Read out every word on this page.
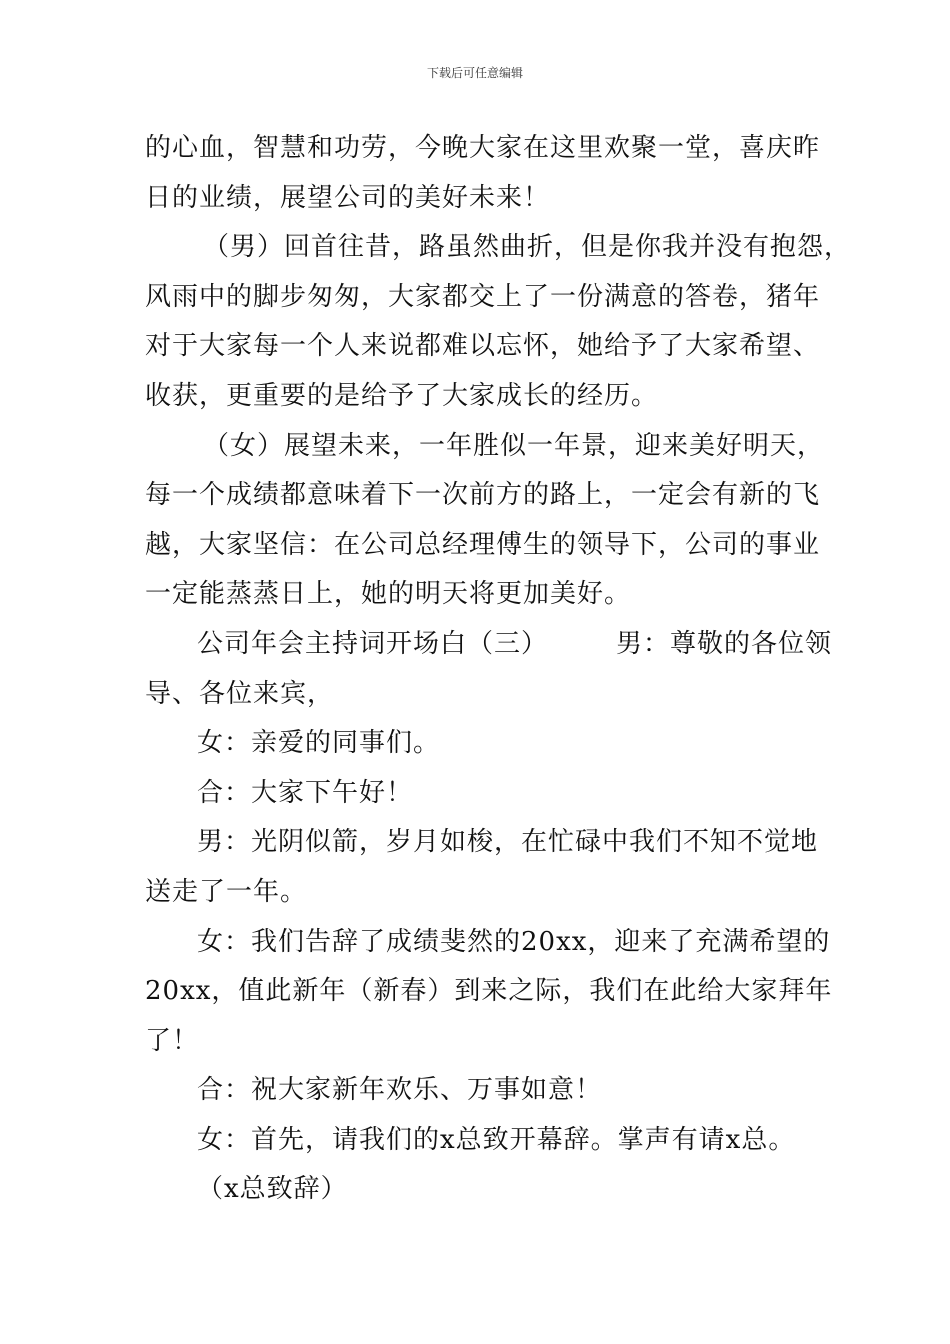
下载后可任意编辑

的心血，智慧和功劳，今晚大家在这里欢聚一堂，喜庆昨

日的业绩，展望公司的美好未来！

（男）回首往昔，路虽然曲折，但是你我并没有抱怨，

风雨中的脚步匆匆，大家都交上了一份满意的答卷，猪年

对于大家每一个人来说都难以忘怀，她给予了大家希望、

收获，更重要的是给予了大家成长的经历。

（女）展望未来，一年胜似一年景，迎来美好明天，

每一个成绩都意味着下一次前方的路上，一定会有新的飞

越，大家坚信：在公司总经理傅生的领导下，公司的事业

一定能蒸蒸日上，她的明天将更加美好。

公司年会主持词开场白（三）	男：尊敬的各位领

导、各位来宾，

女：亲爱的同事们。

合：大家下午好！

男：光阴似箭，岁月如梭，在忙碌中我们不知不觉地

送走了一年。

女：我们告辞了成绩斐然的20xx，迎来了充满希望的

20xx，值此新年（新春）到来之际，我们在此给大家拜年

了！

合：祝大家新年欢乐、万事如意！

女：首先，请我们的x总致开幕辞。掌声有请x总。

（x总致辞）
